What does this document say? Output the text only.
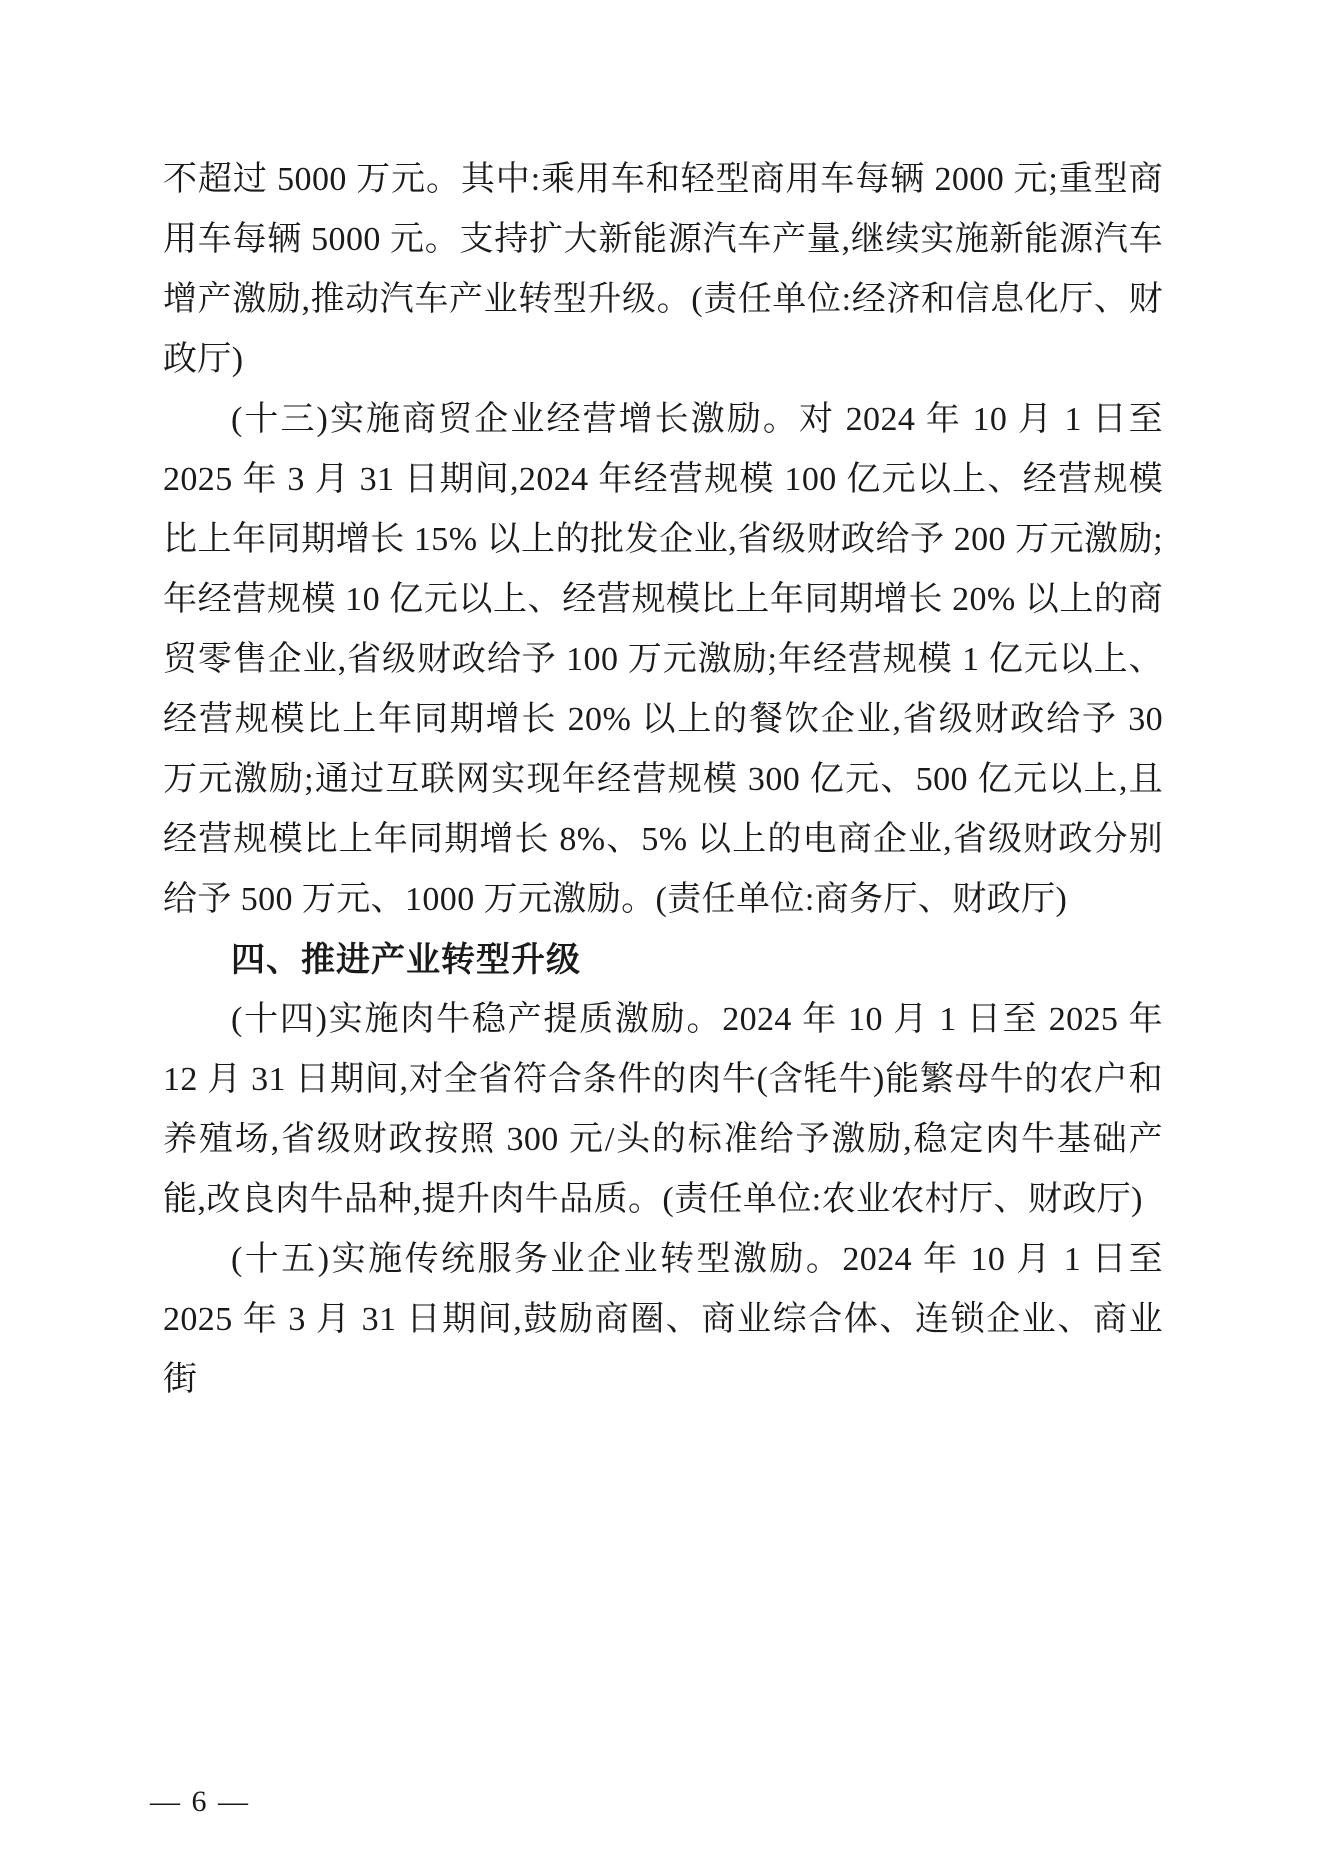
不超过 5000 万元。其中:乘用车和轻型商用车每辆 2000 元;重型商用车每辆 5000 元。支持扩大新能源汽车产量,继续实施新能源汽车增产激励,推动汽车产业转型升级。(责任单位:经济和信息化厅、财政厅)

(十三)实施商贸企业经营增长激励。对 2024 年 10 月 1 日至 2025 年 3 月 31 日期间,2024 年经营规模 100 亿元以上、经营规模比上年同期增长 15% 以上的批发企业,省级财政给予 200 万元激励;年经营规模 10 亿元以上、经营规模比上年同期增长 20% 以上的商贸零售企业,省级财政给予 100 万元激励;年经营规模 1 亿元以上、经营规模比上年同期增长 20% 以上的餐饮企业,省级财政给予 30 万元激励;通过互联网实现年经营规模 300 亿元、500 亿元以上,且经营规模比上年同期增长 8%、5% 以上的电商企业,省级财政分别给予 500 万元、1000 万元激励。(责任单位:商务厅、财政厅)

四、推进产业转型升级

(十四)实施肉牛稳产提质激励。2024 年 10 月 1 日至 2025 年 12 月 31 日期间,对全省符合条件的肉牛(含牦牛)能繁母牛的农户和养殖场,省级财政按照 300 元/头的标准给予激励,稳定肉牛基础产能,改良肉牛品种,提升肉牛品质。(责任单位:农业农村厅、财政厅)

(十五)实施传统服务业企业转型激励。2024 年 10 月 1 日至 2025 年 3 月 31 日期间,鼓励商圈、商业综合体、连锁企业、商业街

— 6 —
